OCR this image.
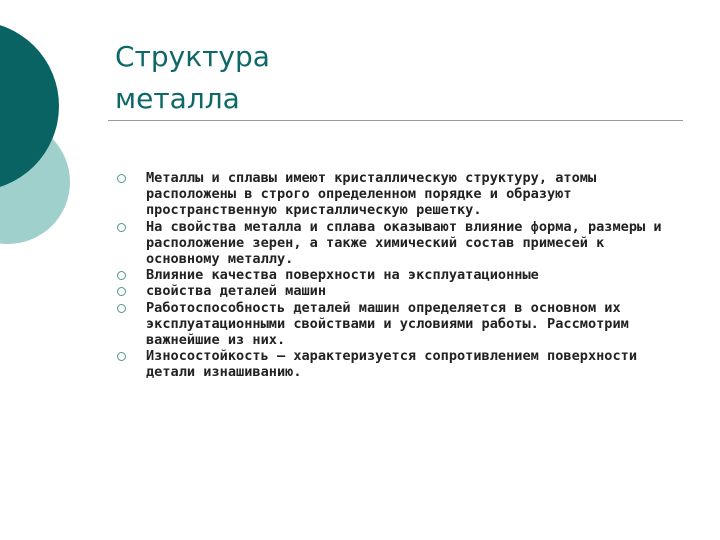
Структура
металла
Металлы и сплавы имеют кристаллическую структуру, атомы расположены в строго определенном порядке и образуют пространственную кристаллическую решетку.
На свойства металла и сплава оказывают влияние форма, размеры и расположение зерен, а также химический состав примесей к основному металлу.
Влияние качества поверхности на эксплуатационные
свойства деталей машин
Работоспособность деталей машин определяется в основном их эксплуатационными свойствами и условиями работы. Рассмотрим важнейшие из них.
Износостойкость – характеризуется сопротивлением поверхности детали изнашиванию.
